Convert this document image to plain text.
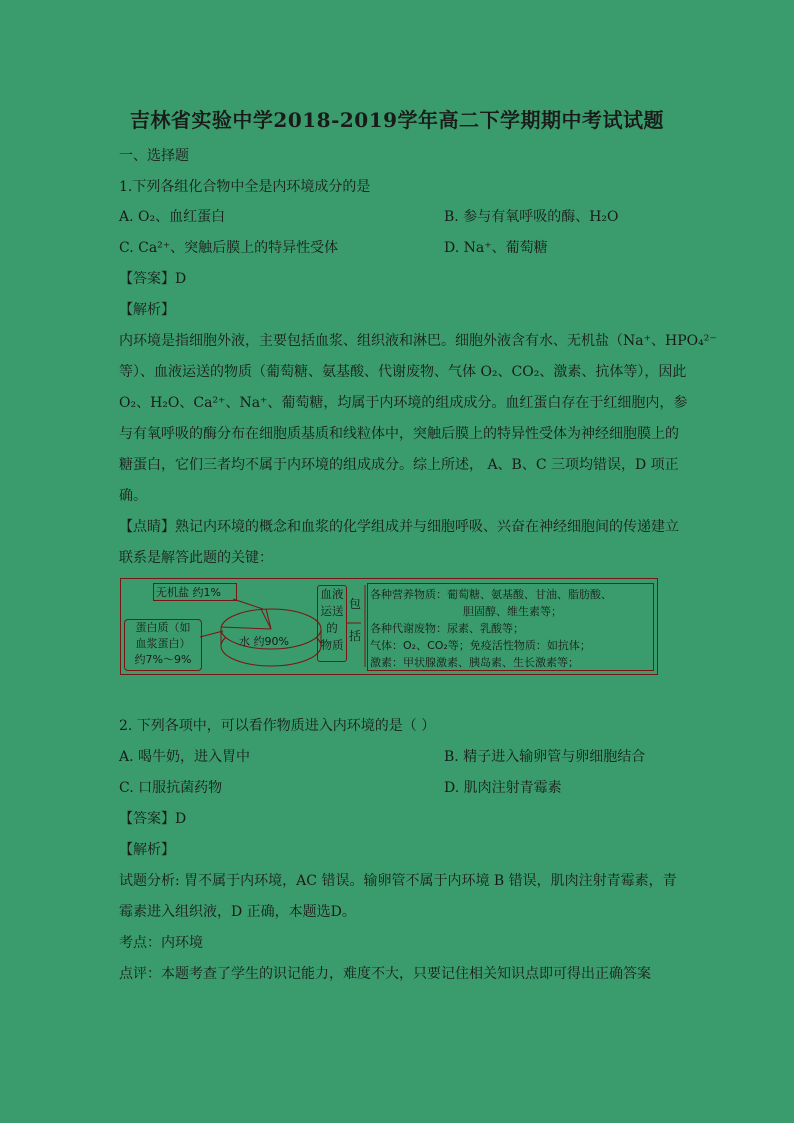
吉林省实验中学2018-2019学年高二下学期期中考试试题
一、选择题
1.下列各组化合物中全是内环境成分的是
A. O₂、血红蛋白	B. 参与有氧呼吸的酶、H₂O
C. Ca²⁺、突触后膜上的特异性受体	D. Na⁺、葡萄糖
【答案】D
【解析】
内环境是指细胞外液，主要包括血浆、组织液和淋巴。细胞外液含有水、无机盐（Na⁺、HPO₄²⁻
等）、血液运送的物质（葡萄糖、氨基酸、代谢废物、气体 O₂、CO₂、激素、抗体等），因此
O₂、H₂O、Ca²⁺、Na⁺、葡萄糖，均属于内环境的组成成分。血红蛋白存在于红细胞内，参
与有氧呼吸的酶分布在细胞质基质和线粒体中，突触后膜上的特异性受体为神经细胞膜上的
糖蛋白，它们三者均不属于内环境的组成成分。综上所述， A、B、C 三项均错误，D 项正
确。
【点睛】熟记内环境的概念和血浆的化学组成并与细胞呼吸、兴奋在神经细胞间的传递建立
联系是解答此题的关键：
无机盐 约1%
水 约90%
蛋白质（如
血浆蛋白）
约7%～9%
血液
运送
的
物质
包
括
各种营养物质：葡萄糖、氨基酸、甘油、脂肪酸、
胆固醇、维生素等；
各种代谢废物：尿素、乳酸等；
气体：O₂、CO₂等；免疫活性物质：如抗体；
激素：甲状腺激素、胰岛素、生长激素等；
2. 下列各项中，可以看作物质进入内环境的是（ ）
A. 喝牛奶，进入胃中	B. 精子进入输卵管与卵细胞结合
C. 口服抗菌药物	D. 肌肉注射青霉素
【答案】D
【解析】
试题分析: 胃不属于内环境，AC 错误。输卵管不属于内环境 B 错误，肌肉注射青霉素，青
霉素进入组织液，D 正确，本题选D。
考点：内环境
点评：本题考查了学生的识记能力，难度不大，只要记住相关知识点即可得出正确答案
